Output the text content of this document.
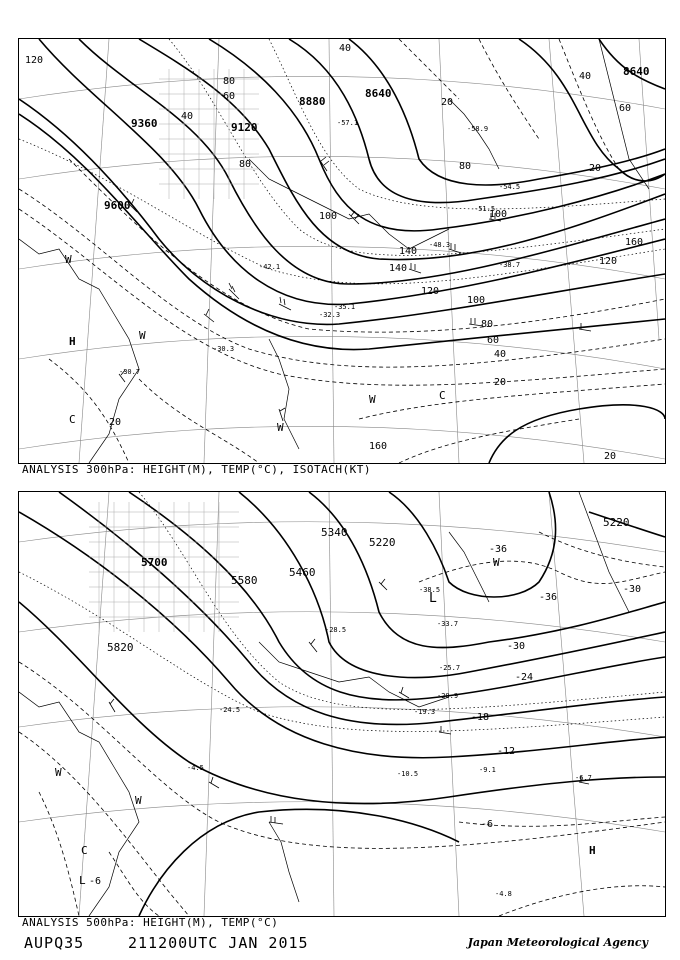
9600
9360	9120
8880
8640
8640
120
40
60
80
80
20
20
40
60
80
100
120
140
160
100
40
20
20
20
40
60
80
100
120
140
160
H
C
W
W
W	C
W
-30.7
-32.3
-35.1
-48.3
-54.5
-51.5
-57.1
-58.9
-42.1	-38.7
-30.3
ANALYSIS 300hPa: HEIGHT(M), TEMP(°C), ISOTACH(KT)
5220
5340
5460
5580
5700
5820
5220
-36
-36
-30
-30
-24
-18
-12
-6
-6
W
W
C
L
L
H
W
-38.5
-33.7
-25.7
-20.9
-19.3
-10.5	-9.1
-6.7
-4.5
-4.8
-28.5
-24.5
ANALYSIS 500hPa: HEIGHT(M), TEMP(°C)
AUPQ35	211200UTC JAN 2015	Japan Meteorological Agency
